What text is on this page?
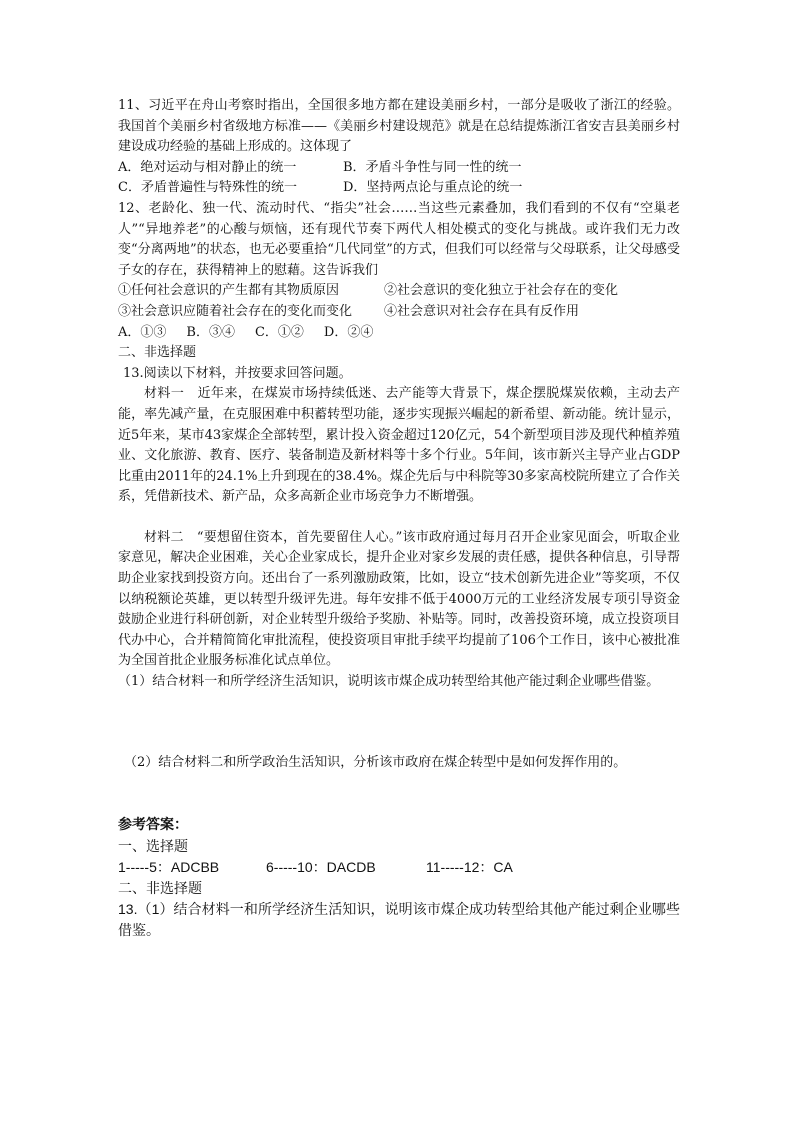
11、习近平在舟山考察时指出，全国很多地方都在建设美丽乡村，一部分是吸收了浙江的经验。我国首个美丽乡村省级地方标准——《美丽乡村建设规范》就是在总结提炼浙江省安吉县美丽乡村建设成功经验的基础上形成的。这体现了

A．绝对运动与相对静止的统一	B．矛盾斗争性与同一性的统一
C．矛盾普遍性与特殊性的统一	D．坚持两点论与重点论的统一

12、老龄化、独一代、流动时代、“指尖”社会……当这些元素叠加，我们看到的不仅有“空巢老人”“异地养老”的心酸与烦恼，还有现代节奏下两代人相处模式的变化与挑战。或许我们无力改变“分离两地”的状态，也无必要重拾“几代同堂”的方式，但我们可以经常与父母联系，让父母感受子女的存在，获得精神上的慰藉。这告诉我们

①任何社会意识的产生都有其物质原因	②社会意识的变化独立于社会存在的变化
③社会意识应随着社会存在的变化而变化	④社会意识对社会存在具有反作用
A．①③ B．③④ C．①② D．②④

二、非选择题

13.阅读以下材料，并按要求回答问题。

材料一　近年来，在煤炭市场持续低迷、去产能等大背景下，煤企摆脱煤炭依赖，主动去产能，率先减产量，在克服困难中积蓄转型功能，逐步实现振兴崛起的新希望、新动能。统计显示，近5年来，某市43家煤企全部转型，累计投入资金超过120亿元，54个新型项目涉及现代种植养殖业、文化旅游、教育、医疗、装备制造及新材料等十多个行业。5年间，该市新兴主导产业占GDP比重由2011年的24.1%上升到现在的38.4%。煤企先后与中科院等30多家高校院所建立了合作关系，凭借新技术、新产品，众多高新企业市场竞争力不断增强。

材料二　“要想留住资本，首先要留住人心。”该市政府通过每月召开企业家见面会，听取企业家意见，解决企业困难，关心企业家成长，提升企业对家乡发展的责任感，提供各种信息，引导帮助企业家找到投资方向。还出台了一系列激励政策，比如，设立“技术创新先进企业”等奖项，不仅以纳税额论英雄，更以转型升级评先进。每年安排不低于4000万元的工业经济发展专项引导资金鼓励企业进行科研创新，对企业转型升级给予奖励、补贴等。同时，改善投资环境，成立投资项目代办中心，合并精简简化审批流程，使投资项目审批手续平均提前了106个工作日，该中心被批准为全国首批企业服务标准化试点单位。

（1）结合材料一和所学经济生活知识，说明该市煤企成功转型给其他产能过剩企业哪些借鉴。

（2）结合材料二和所学政治生活知识，分析该市政府在煤企转型中是如何发挥作用的。

参考答案：

一、选择题

1-----5：ADCBB	6-----10：DACDB	11-----12：CA

二、非选择题

13.（1）结合材料一和所学经济生活知识，说明该市煤企成功转型给其他产能过剩企业哪些借鉴。
